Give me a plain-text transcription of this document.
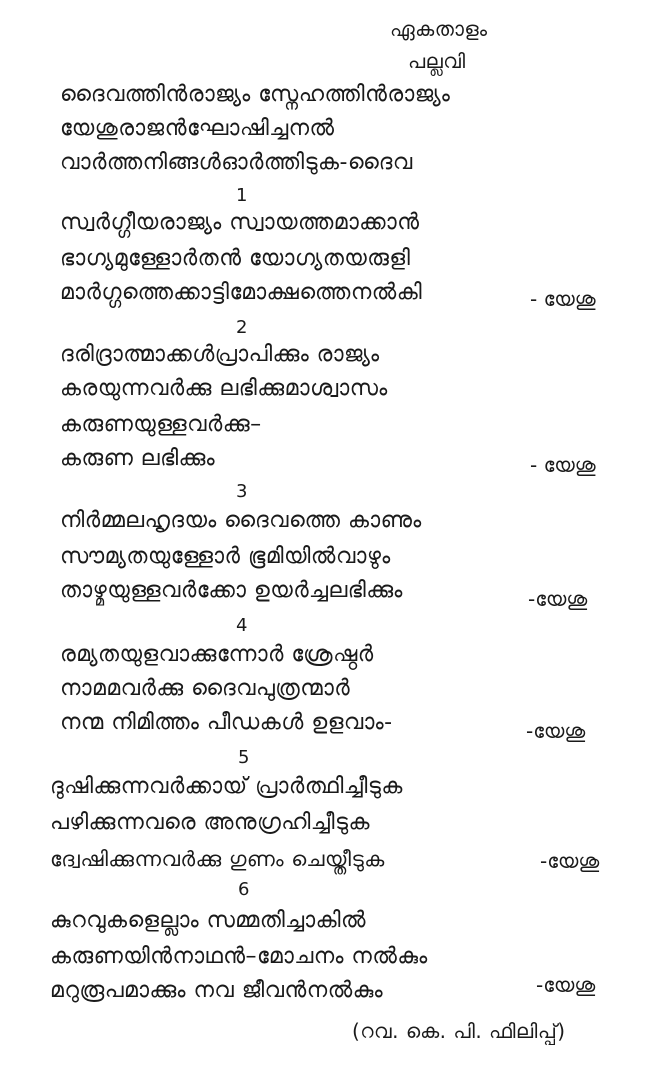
ഏകതാളം
പല്ലവി
ദൈവത്തിൻരാജ്യം സ്നേഹത്തിൻരാജ്യം
യേശുരാജൻഘോഷിച്ചനൽ
വാർത്തനിങ്ങൾഓർത്തിടുക-ദൈവ
1
സ്വർഗ്ഗീയരാജ്യം സ്വായത്തമാക്കാൻ
ഭാഗ്യമുള്ളോർതൻ യോഗ്യതയരുളി
മാർഗ്ഗത്തെക്കാട്ടിമോക്ഷത്തെനൽകി	- യേശു
2
ദരിദ്രാത്മാക്കൾപ്രാപിക്കും രാജ്യം
കരയുന്നവർക്കു ലഭിക്കുമാശ്വാസം
കരുണയുള്ളവർക്കു–
കരുണ ലഭിക്കും	- യേശു
3
നിർമ്മലഹൃദയം ദൈവത്തെ കാണും
സൗമ്യതയുള്ളോർ ഭൂമിയിൽവാഴും
താഴ്മയുള്ളവർക്കോ ഉയർച്ചലഭിക്കും	-യേശു
4
രമ്യതയുളവാക്കുന്നോർ ശ്രേഷ്ഠർ
നാമമവർക്കു ദൈവപുത്രന്മാർ
നന്മ നിമിത്തം പീഡകൾ ഉളവാം-	-യേശു
5
ദുഷിക്കുന്നവർക്കായ് പ്രാർത്ഥിച്ചീടുക
പഴിക്കുന്നവരെ അനുഗ്രഹിച്ചീടുക
ദ്വേഷിക്കുന്നവർക്കു ഗുണം ചെയ്തീടുക	-യേശു
6
കുറവുകളെല്ലാം സമ്മതിച്ചാകിൽ
കരുണയിൻനാഥൻ–മോചനം നൽകും
മറുരൂപമാക്കും നവ ജീവൻനൽകും	-യേശു
(റവ. കെ. പി. ഫിലിപ്പ്)
